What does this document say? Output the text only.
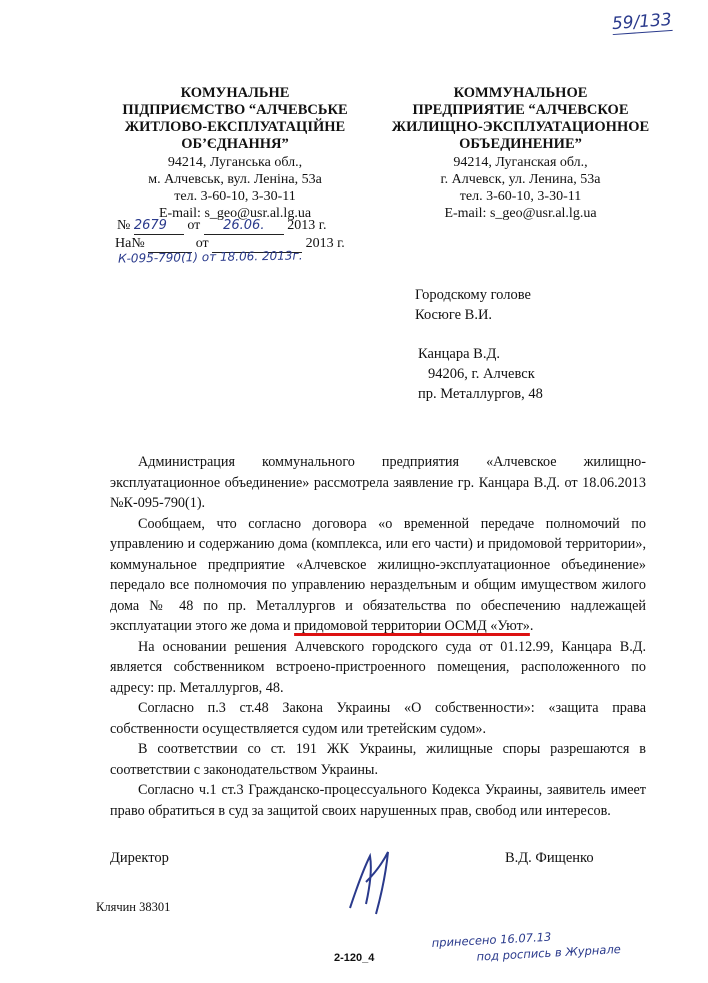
59/133
КОМУНАЛЬНЕ
ПІДПРИЄМСТВО “АЛЧЕВСЬКЕ
ЖИТЛОВО-ЕКСПЛУАТАЦІЙНЕ
ОБ’ЄДНАННЯ”
94214, Луганська обл.,
м. Алчевськ, вул. Леніна, 53а
тел. 3-60-10, 3-30-11
E-mail: s_geo@usr.al.lg.ua
№ 2679 от 26.06. 2013 г.
На№	от	2013 г.
К-095-790(1) от 18.06. 2013г.
КОММУНАЛЬНОЕ
ПРЕДПРИЯТИЕ “АЛЧЕВСКОЕ
ЖИЛИЩНО-ЭКСПЛУАТАЦИОННОЕ
ОБЪЕДИНЕНИЕ”
94214, Луганская обл.,
г. Алчевск, ул. Ленина, 53а
тел. 3-60-10, 3-30-11
E-mail: s_geo@usr.al.lg.ua
Городскому голове
Косюге В.И.
Канцара В.Д.
94206, г. Алчевск
пр. Металлургов, 48

Администрация коммунального предприятия «Алчевское жилищно-эксплуатационное объединение» рассмотрела заявление гр. Канцара В.Д. от 18.06.2013 №К-095-790(1).

Сообщаем, что согласно договора «о временной передаче полномочий по управлению и содержанию дома (комплекса, или его части) и придомовой территории», коммунальное предприятие «Алчевское жилищно-эксплуатационное объединение» передало все полномочия по управлению неразделъным и общим имуществом жилого дома № 48 по пр. Металлургов и обязательства по обеспечению надлежащей эксплуатации этого же дома и придомовой территории ОСМД «Уют».

На основании решения Алчевского городского суда от 01.12.99, Канцара В.Д. является собственником встроено-пристроенного помещения, расположенного по адресу: пр. Металлургов, 48.

Согласно п.3 ст.48 Закона Украины «О собственности»: «защита права собственности осуществляется судом или третейским судом».

В соответствии со ст. 191 ЖК Украины, жилищные споры разрешаются в соответствии с законодательством Украины.

Согласно ч.1 ст.3 Гражданско-процессуального Кодекса Украины, заявитель имеет право обратиться в суд за защитой своих нарушенных прав, свобод или интересов.

Директор	В.Д. Фищенко
Клячин 38301
2-120_4
принесено 16.07.13
под роспись в Журнале
